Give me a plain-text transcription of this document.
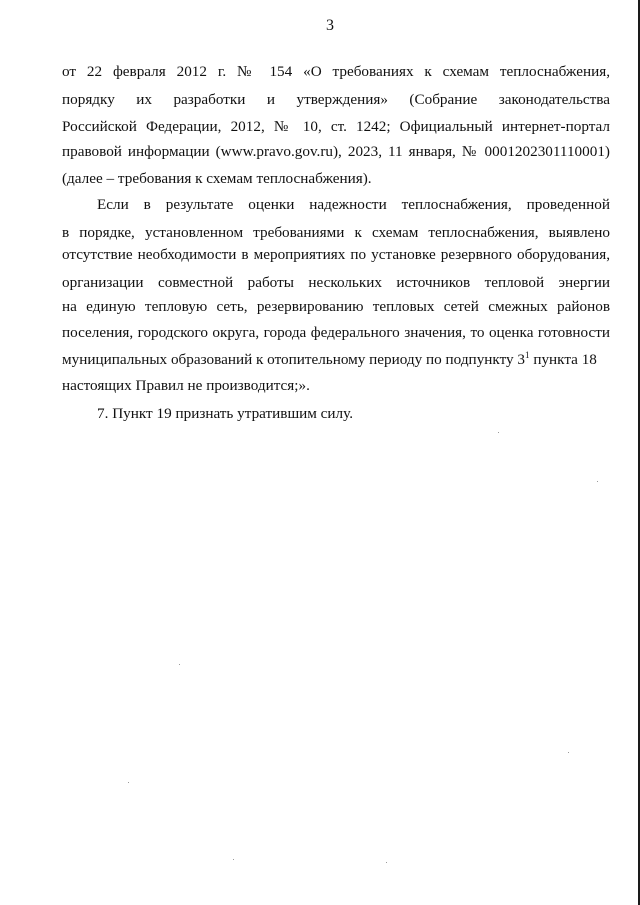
3
от 22 февраля 2012 г. № 154 «О требованиях к схемам теплоснабжения,
порядку их разработки и утверждения» (Собрание законодательства
Российской Федерации, 2012, № 10, ст. 1242; Официальный интернет-портал
правовой информации (www.pravo.gov.ru), 2023, 11 января, № 0001202301110001)
(далее – требования к схемам теплоснабжения).
Если в результате оценки надежности теплоснабжения, проведенной
в порядке, установленном требованиями к схемам теплоснабжения, выявлено
отсутствие необходимости в мероприятиях по установке резервного оборудования,
организации совместной работы нескольких источников тепловой энергии
на единую тепловую сеть, резервированию тепловых сетей смежных районов
поселения, городского округа, города федерального значения, то оценка готовности
муниципальных образований к отопительному периоду по подпункту $3^1$ пункта 18
настоящих Правил не производится;».
7. Пункт 19 признать утратившим силу.
